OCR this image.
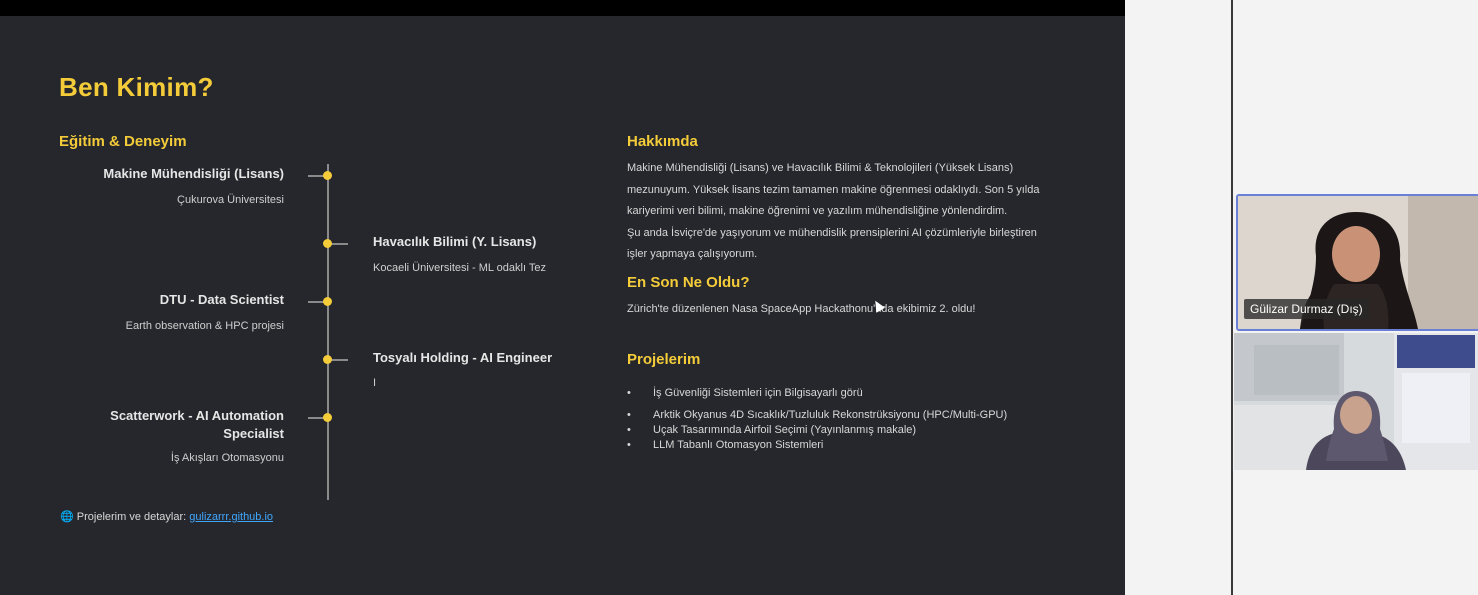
Ben Kimim?
Eğitim & Deneyim
Makine Mühendisliği (Lisans)
Çukurova Üniversitesi
Havacılık Bilimi (Y. Lisans)
Kocaeli Üniversitesi - ML odaklı Tez
DTU - Data Scientist
Earth observation & HPC projesi
Tosyalı Holding - AI Engineer
I
Scatterwork - AI Automation Specialist
İş Akışları Otomasyonu
Hakkımda
Makine Mühendisliği (Lisans) ve Havacılık Bilimi & Teknolojileri (Yüksek Lisans)
mezunuyum. Yüksek lisans tezim tamamen makine öğrenmesi odaklıydı. Son 5 yılda
kariyerimi veri bilimi, makine öğrenimi ve yazılım mühendisliğine yönlendirdim.
Şu anda İsviçre'de yaşıyorum ve mühendislik prensiplerini AI çözümleriyle birleştiren
işler yapmaya çalışıyorum.
En Son Ne Oldu?
Zürich'te düzenlenen Nasa SpaceApp Hackathonu'nda ekibimiz 2. oldu!
Projelerim
• İş Güvenliği Sistemleri için Bilgisayarlı görü
• Arktik Okyanus 4D Sıcaklık/Tuzluluk Rekonstrüksiyonu (HPC/Multi-GPU)
• Uçak Tasarımında Airfoil Seçimi (Yayınlanmış makale)
• LLM Tabanlı Otomasyon Sistemleri
🌐 Projelerim ve detaylar: gulizarrr.github.io
Gülizar Durmaz (Dış)
